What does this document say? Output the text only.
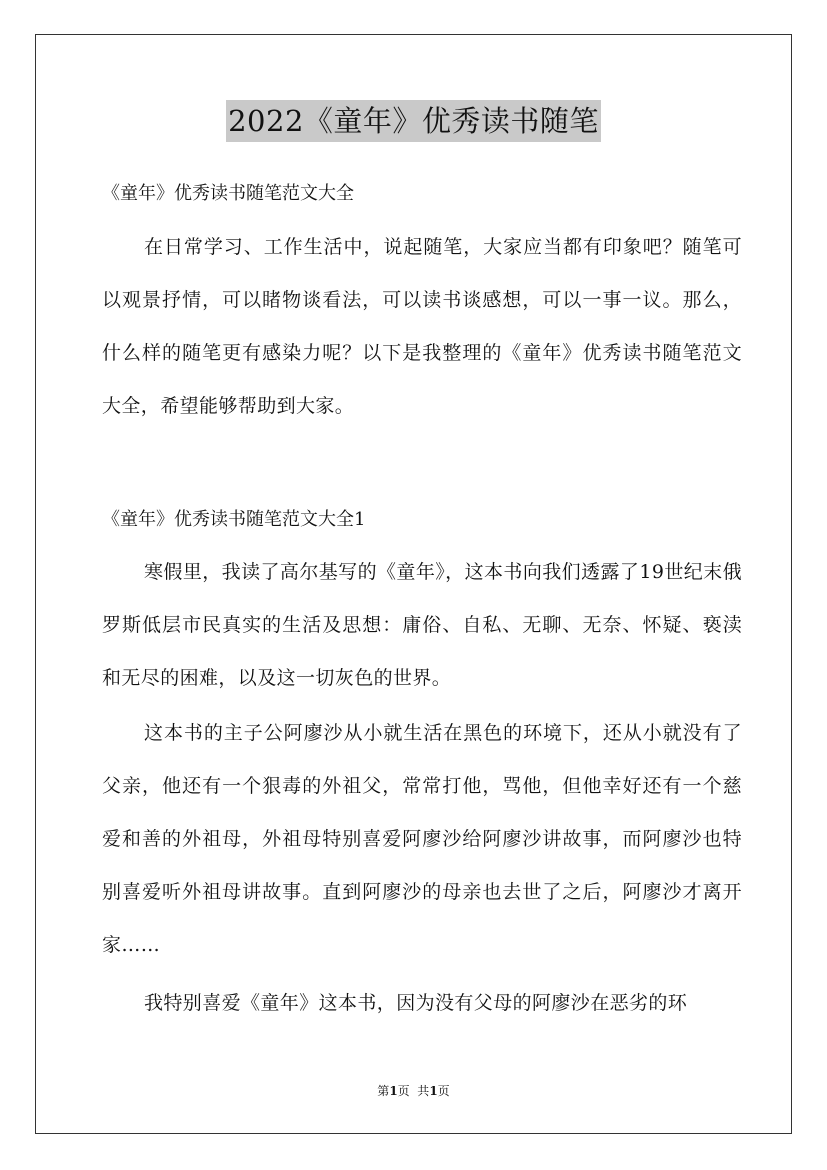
2022《童年》优秀读书随笔
《童年》优秀读书随笔范文大全
在日常学习、工作生活中，说起随笔，大家应当都有印象吧？随笔可以观景抒情，可以睹物谈看法，可以读书谈感想，可以一事一议。那么，什么样的随笔更有感染力呢？以下是我整理的《童年》优秀读书随笔范文大全，希望能够帮助到大家。
《童年》优秀读书随笔范文大全1
寒假里，我读了高尔基写的《童年》，这本书向我们透露了19世纪末俄罗斯低层市民真实的生活及思想：庸俗、自私、无聊、无奈、怀疑、亵渎和无尽的困难，以及这一切灰色的世界。
这本书的主子公阿廖沙从小就生活在黑色的环境下，还从小就没有了父亲，他还有一个狠毒的外祖父，常常打他，骂他，但他幸好还有一个慈爱和善的外祖母，外祖母特别喜爱阿廖沙给阿廖沙讲故事，而阿廖沙也特别喜爱听外祖母讲故事。直到阿廖沙的母亲也去世了之后，阿廖沙才离开家……
我特别喜爱《童年》这本书，因为没有父母的阿廖沙在恶劣的环
第1页  共1页
